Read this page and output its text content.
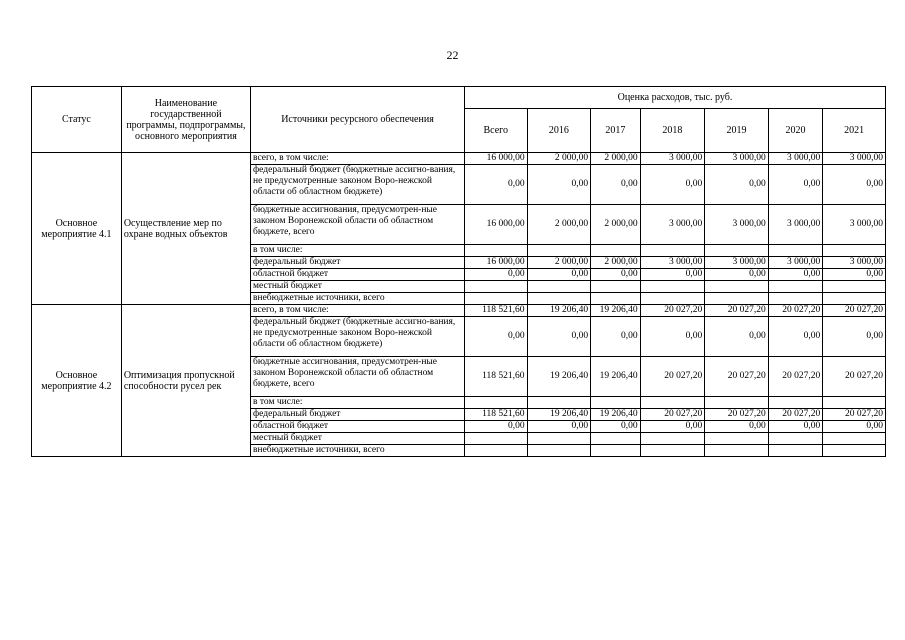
22
Статус	Наименование государственной программы, подпрограммы, основного мероприятия	Источники ресурсного обеспечения	Оценка расходов, тыс. руб.						
			Всего	2016	2017	2018	2019	2020	2021
Основное мероприятие 4.1	Осуществление мер по охране водных объектов	всего, в том числе:	16 000,00	2 000,00	2 000,00	3 000,00	3 000,00	3 000,00	3 000,00
		федеральный бюджет (бюджетные ассигно-вания, не предусмотренные законом Воро-нежской области об областном бюджете)	0,00	0,00	0,00	0,00	0,00	0,00	0,00
		бюджетные ассигнования, предусмотрен-ные законом Воронежской области об областном бюджете, всего	16 000,00	2 000,00	2 000,00	3 000,00	3 000,00	3 000,00	3 000,00
		в том числе:							
		федеральный бюджет	16 000,00	2 000,00	2 000,00	3 000,00	3 000,00	3 000,00	3 000,00
		областной бюджет	0,00	0,00	0,00	0,00	0,00	0,00	0,00
		местный бюджет							
		внебюджетные источники, всего							
Основное мероприятие 4.2	Оптимизация пропускной способности русел рек	всего, в том числе:	118 521,60	19 206,40	19 206,40	20 027,20	20 027,20	20 027,20	20 027,20
		федеральный бюджет (бюджетные ассигно-вания, не предусмотренные законом Воро-нежской области об областном бюджете)	0,00	0,00	0,00	0,00	0,00	0,00	0,00
		бюджетные ассигнования, предусмотрен-ные законом Воронежской области об областном бюджете, всего	118 521,60	19 206,40	19 206,40	20 027,20	20 027,20	20 027,20	20 027,20
		в том числе:							
		федеральный бюджет	118 521,60	19 206,40	19 206,40	20 027,20	20 027,20	20 027,20	20 027,20
		областной бюджет	0,00	0,00	0,00	0,00	0,00	0,00	0,00
		местный бюджет							
		внебюджетные источники, всего							
